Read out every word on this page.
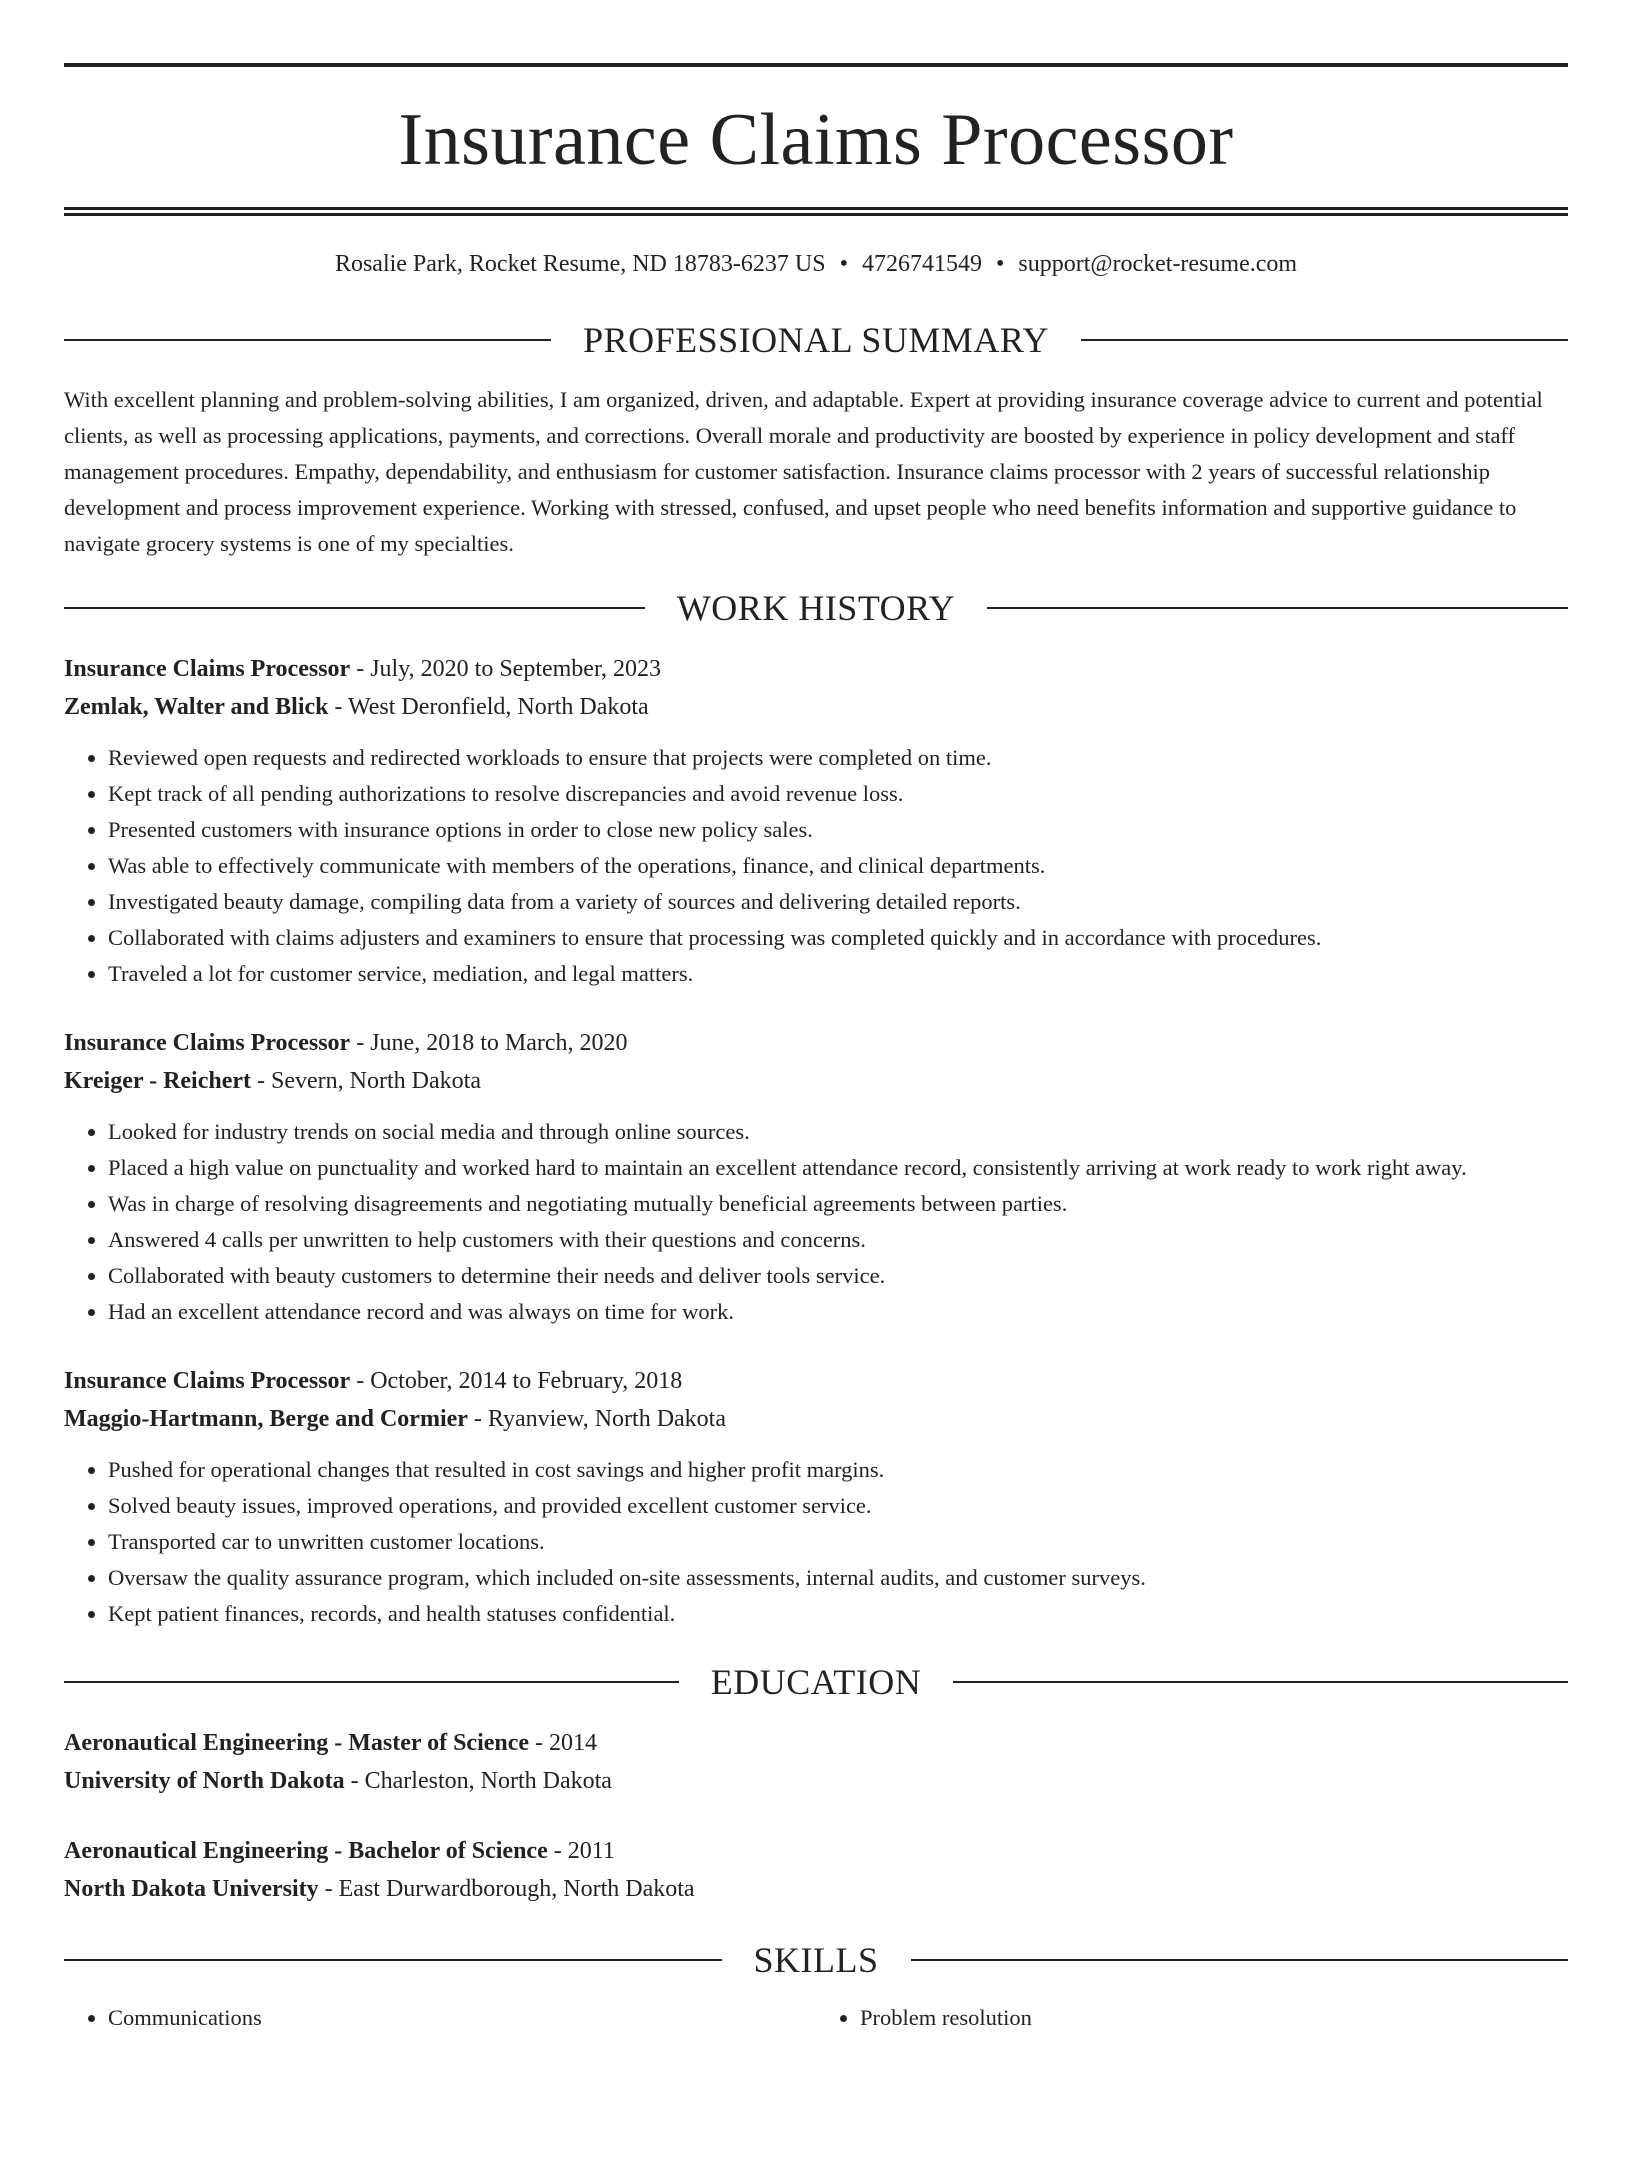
Insurance Claims Processor
Rosalie Park, Rocket Resume, ND 18783-6237 US • 4726741549 • support@rocket-resume.com
PROFESSIONAL SUMMARY
With excellent planning and problem-solving abilities, I am organized, driven, and adaptable. Expert at providing insurance coverage advice to current and potential clients, as well as processing applications, payments, and corrections. Overall morale and productivity are boosted by experience in policy development and staff management procedures. Empathy, dependability, and enthusiasm for customer satisfaction. Insurance claims processor with 2 years of successful relationship development and process improvement experience. Working with stressed, confused, and upset people who need benefits information and supportive guidance to navigate grocery systems is one of my specialties.
WORK HISTORY
Insurance Claims Processor - July, 2020 to September, 2023
Zemlak, Walter and Blick - West Deronfield, North Dakota
• Reviewed open requests and redirected workloads to ensure that projects were completed on time.
• Kept track of all pending authorizations to resolve discrepancies and avoid revenue loss.
• Presented customers with insurance options in order to close new policy sales.
• Was able to effectively communicate with members of the operations, finance, and clinical departments.
• Investigated beauty damage, compiling data from a variety of sources and delivering detailed reports.
• Collaborated with claims adjusters and examiners to ensure that processing was completed quickly and in accordance with procedures.
• Traveled a lot for customer service, mediation, and legal matters.
Insurance Claims Processor - June, 2018 to March, 2020
Kreiger - Reichert - Severn, North Dakota
• Looked for industry trends on social media and through online sources.
• Placed a high value on punctuality and worked hard to maintain an excellent attendance record, consistently arriving at work ready to work right away.
• Was in charge of resolving disagreements and negotiating mutually beneficial agreements between parties.
• Answered 4 calls per unwritten to help customers with their questions and concerns.
• Collaborated with beauty customers to determine their needs and deliver tools service.
• Had an excellent attendance record and was always on time for work.
Insurance Claims Processor - October, 2014 to February, 2018
Maggio-Hartmann, Berge and Cormier - Ryanview, North Dakota
• Pushed for operational changes that resulted in cost savings and higher profit margins.
• Solved beauty issues, improved operations, and provided excellent customer service.
• Transported car to unwritten customer locations.
• Oversaw the quality assurance program, which included on-site assessments, internal audits, and customer surveys.
• Kept patient finances, records, and health statuses confidential.
EDUCATION
Aeronautical Engineering - Master of Science - 2014
University of North Dakota - Charleston, North Dakota
Aeronautical Engineering - Bachelor of Science - 2011
North Dakota University - East Durwardborough, North Dakota
SKILLS
• Communications
•	Problem resolution
